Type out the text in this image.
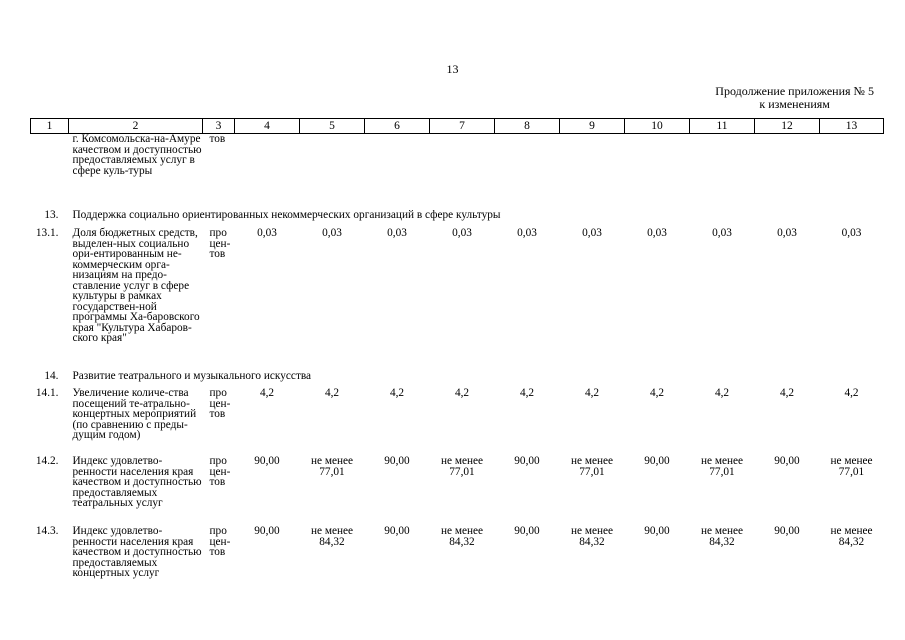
13
Продолжение приложения № 5
к изменениям
1	2	3	4	5	6	7	8	9	10	11	12	13
	г. Комсомольска-на-Амуре качеством и доступностью предоставляемых услуг в сфере куль-туры	тов										
13.	Поддержка социально ориентированных некоммерческих организаций в сфере культуры											
13.1.	Доля бюджетных средств, выделен-ных социально ори-ентированным не-коммерческим орга-низациям на предо-ставление услуг в сфере культуры в рамках государствен-ной программы Ха-баровского края "Культура Хабаров-ского края"	про цен-тов	0,03	0,03	0,03	0,03	0,03	0,03	0,03	0,03	0,03	0,03
14.	Развитие театрального и музыкального искусства											
14.1.	Увеличение количе-ства посещений те-атрально-концертных мероприятий (по сравнению с преды-дущим годом)	про цен-тов	4,2	4,2	4,2	4,2	4,2	4,2	4,2	4,2	4,2	4,2
14.2.	Индекс удовлетво-ренности населения края качеством и доступностью предоставляемых театральных услуг	про цен-тов	90,00	не менее 77,01	90,00	не менее 77,01	90,00	не менее 77,01	90,00	не менее 77,01	90,00	не менее 77,01
14.3.	Индекс удовлетво-ренности населения края качеством и доступностью предоставляемых концертных услуг	про цен-тов	90,00	не менее 84,32	90,00	не менее 84,32	90,00	не менее 84,32	90,00	не менее 84,32	90,00	не менее 84,32
